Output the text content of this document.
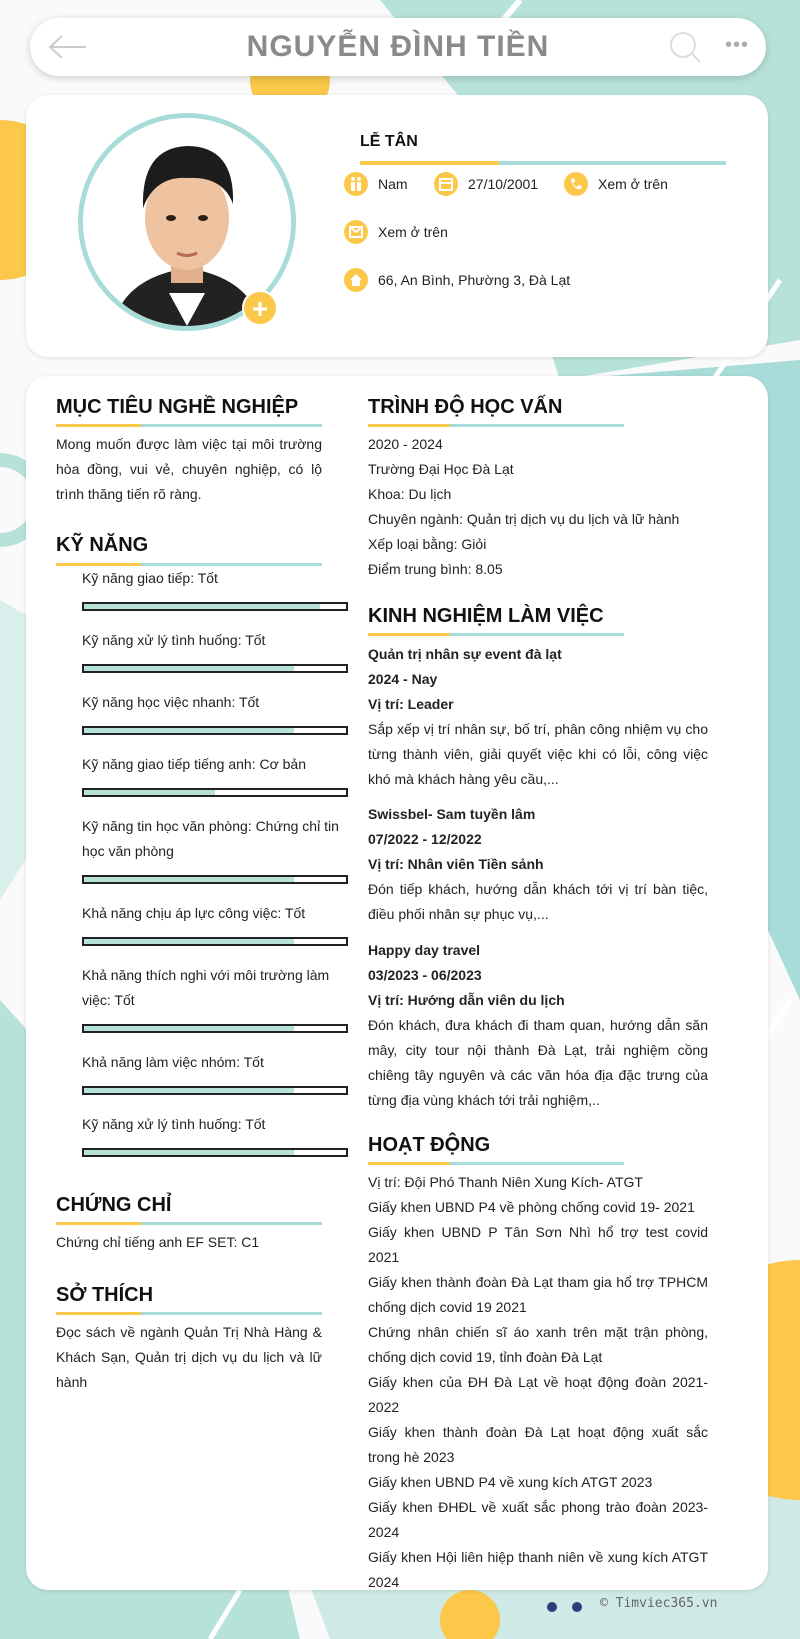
NGUYỄN ĐÌNH TIỀN	•••
+
LỄ TÂN
Nam	27/10/2001	Xem ở trên
Xem ở trên
66, An Bình, Phường 3, Đà Lạt
MỤC TIÊU NGHỀ NGHIỆP
Mong muốn được làm việc tại môi trường hòa đồng, vui vẻ, chuyên nghiệp, có lộ trình thăng tiến rõ ràng.
KỸ NĂNG
CHỨNG CHỈ
Chứng chỉ tiếng anh EF SET: C1
SỞ THÍCH
Đọc sách về ngành Quản Trị Nhà Hàng & Khách Sạn, Quản trị dịch vụ du lịch và lữ hành
TRÌNH ĐỘ HỌC VẤN
2020 - 2024
Trường Đại Học Đà Lạt
Khoa: Du lịch
Chuyên ngành: Quản trị dịch vụ du lịch và lữ hành
Xếp loại bằng: Giỏi
Điểm trung bình: 8.05
KINH NGHIỆM LÀM VIỆC
Quản trị nhân sự event đà lạt
2024 - Nay
Vị trí: Leader
Sắp xếp vị trí nhân sự, bố trí, phân công nhiệm vụ cho từng thành viên, giải quyết việc khi có lỗi, công việc khó mà khách hàng yêu cầu,...
Swissbel- Sam tuyền lâm
07/2022 - 12/2022
Vị trí: Nhân viên Tiền sảnh
Đón tiếp khách, hướng dẫn khách tới vị trí bàn tiệc, điều phối nhân sự phục vụ,...
Happy day travel
03/2023 - 06/2023
Vị trí: Hướng dẫn viên du lịch
Đón khách, đưa khách đi tham quan, hướng dẫn săn mây, city tour nội thành Đà Lạt, trải nghiệm cồng chiêng tây nguyên và các văn hóa địa đặc trưng của từng địa vùng khách tới trải nghiệm,..
HOẠT ĐỘNG
Vị trí: Đội Phó Thanh Niên Xung Kích- ATGT
Giấy khen UBND P4 về phòng chống covid 19- 2021
Giấy khen UBND P Tân Sơn Nhì hổ trợ test covid 2021
Giấy khen thành đoàn Đà Lạt tham gia hổ trợ TPHCM chống dịch covid 19 2021
Chứng nhân chiến sĩ áo xanh trên mặt trận phòng, chống dịch covid 19, tỉnh đoàn Đà Lạt
Giấy khen của ĐH Đà Lạt về hoạt động đoàn 2021- 2022
Giấy khen thành đoàn Đà Lạt hoạt động xuất sắc trong hè 2023
Giấy khen UBND P4 về xung kích ATGT 2023
Giấy khen ĐHĐL về xuất sắc phong trào đoàn 2023- 2024
Giấy khen Hội liên hiệp thanh niên về xung kích ATGT 2024
Kỹ năng giao tiếp: Tốt
Kỹ năng xử lý tình huống: Tốt
Kỹ năng học việc nhanh: Tốt
Kỹ năng giao tiếp tiếng anh: Cơ bản
Kỹ năng tin học văn phòng: Chứng chỉ tin học văn phòng
Khả năng chịu áp lực công việc: Tốt
Khả năng thích nghi với môi trường làm việc: Tốt
Khả năng làm việc nhóm: Tốt
Kỹ năng xử lý tình huống: Tốt
© Timviec365.vn
